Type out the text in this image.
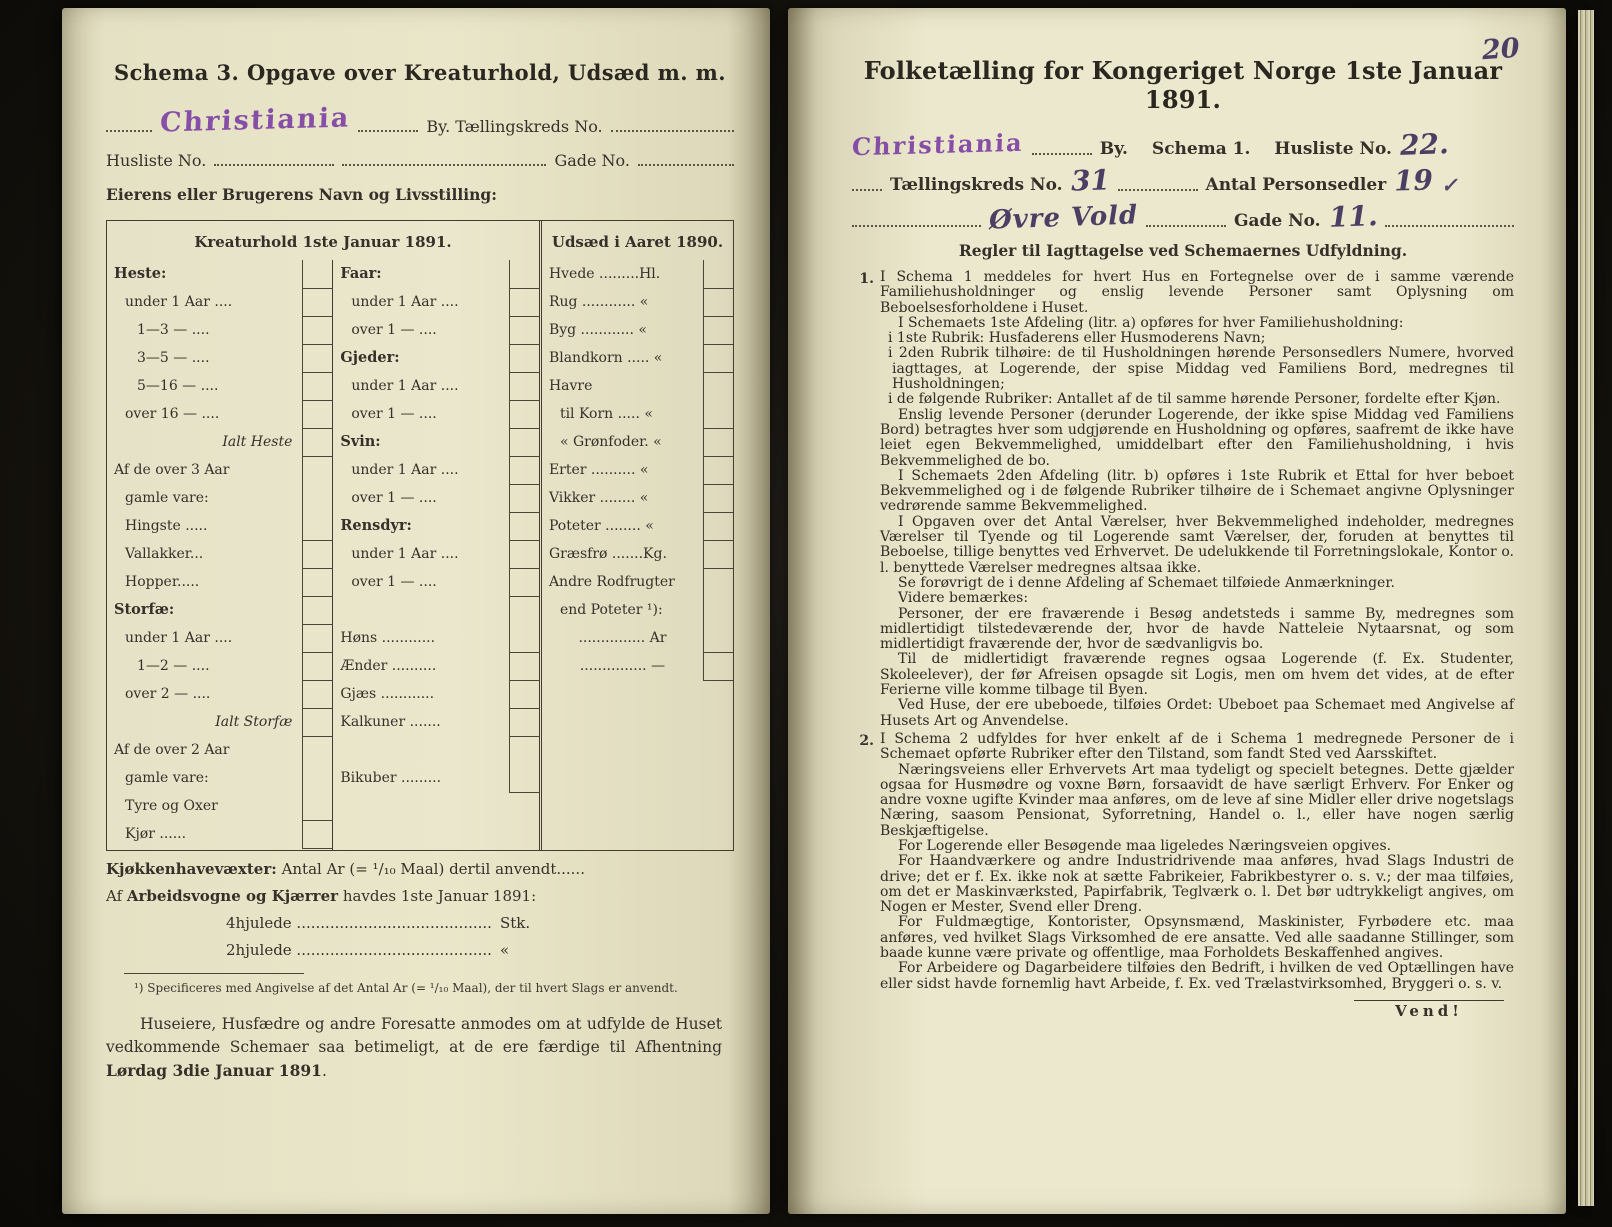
Schema 3. Opgave over Kreaturhold, Udsæd m. m.
Christiania	By. Tællingskreds No.
Husliste No.	Gade No.
Eierens eller Brugerens Navn og Livsstilling:
Kreaturhold 1ste Januar 1891.	Udsæd i Aaret 1890.
Heste:
under 1 Aar ....
1—3 — ....
3—5 — ....
5—16 — ....
over 16 — ....
Ialt Heste
Af de over 3 Aar
gamle vare:
Hingste .....
Vallakker...
Hopper.....
Storfæ:
under 1 Aar ....
1—2 — ....
over 2 — ....
Ialt Storfæ
Af de over 2 Aar
gamle vare:
Tyre og Oxer
Kjør ......
Faar:
under 1 Aar ....
over 1 — ....
Gjeder:
under 1 Aar ....
over 1 — ....
Svin:
under 1 Aar ....
over 1 — ....
Rensdyr:
under 1 Aar ....
over 1 — ....
Høns ............
Ænder ..........
Gjæs ............
Kalkuner .......
Bikuber .........
Hvede .........Hl.
Rug ............ «
Byg ............ «
Blandkorn ..... «
Havre
til Korn ..... «
« Grønfoder. «
Erter .......... «
Vikker ........ «
Poteter ........ «
Græsfrø .......Kg.
Andre Rodfrugter
end Poteter ¹):
............... Ar
............... —

Kjøkkenhavevæxter: Antal Ar (= ¹/₁₀ Maal) dertil anvendt......

Af Arbeidsvogne og Kjærrer havdes 1ste Januar 1891:

4hjulede ......................................... Stk.

2hjulede ......................................... «

¹) Specificeres med Angivelse af det Antal Ar (= ¹/₁₀ Maal), der til hvert Slags er anvendt.

Huseiere, Husfædre og andre Foresatte anmodes om at udfylde de Huset vedkommende Schemaer saa betimeligt, at de ere færdige til Afhentning Lørdag 3die Januar 1891.

20
Folketælling for Kongeriget Norge 1ste Januar 1891.
Christiania	By. Schema 1. Husliste No. 22.
Tællingskreds No. 31	Antal Personsedler 19 ✓
Øvre Vold	Gade No. 11.
Regler til Iagttagelse ved Schemaernes Udfyldning.
1. I Schema 1 meddeles for hvert Hus en Fortegnelse over de i samme værende Familiehusholdninger og enslig levende Personer samt Oplysning om Beboelsesforholdene i Huset.

I Schemaets 1ste Afdeling (litr. a) opføres for hver Familiehusholdning:

i 1ste Rubrik: Husfaderens eller Husmoderens Navn;

i 2den Rubrik tilhøire: de til Husholdningen hørende Personsedlers Numere, hvorved iagttages, at Logerende, der spise Middag ved Familiens Bord, medregnes til Husholdningen;

i de følgende Rubriker: Antallet af de til samme hørende Personer, fordelte efter Kjøn.

Enslig levende Personer (derunder Logerende, der ikke spise Middag ved Familiens Bord) betragtes hver som udgjørende en Husholdning og opføres, saafremt de ikke have leiet egen Bekvemmelighed, umiddelbart efter den Familiehusholdning, i hvis Bekvemmelighed de bo.

I Schemaets 2den Afdeling (litr. b) opføres i 1ste Rubrik et Ettal for hver beboet Bekvemmelighed og i de følgende Rubriker tilhøire de i Schemaet angivne Oplysninger vedrørende samme Bekvemmelighed.

I Opgaven over det Antal Værelser, hver Bekvemmelighed indeholder, medregnes Værelser til Tyende og til Logerende samt Værelser, der, foruden at benyttes til Beboelse, tillige benyttes ved Erhvervet. De udelukkende til Forretningslokale, Kontor o. l. benyttede Værelser medregnes altsaa ikke.

Se forøvrigt de i denne Afdeling af Schemaet tilføiede Anmærkninger.

Videre bemærkes:

Personer, der ere fraværende i Besøg andetsteds i samme By, medregnes som midlertidigt tilstedeværende der, hvor de havde Natteleie Nytaarsnat, og som midlertidigt fraværende der, hvor de sædvanligvis bo.

Til de midlertidigt fraværende regnes ogsaa Logerende (f. Ex. Studenter, Skoleelever), der før Afreisen opsagde sit Logis, men om hvem det vides, at de efter Ferierne ville komme tilbage til Byen.

Ved Huse, der ere ubeboede, tilføies Ordet: Ubeboet paa Schemaet med Angivelse af Husets Art og Anvendelse.

2. I Schema 2 udfyldes for hver enkelt af de i Schema 1 medregnede Personer de i Schemaet opførte Rubriker efter den Tilstand, som fandt Sted ved Aarsskiftet.

Næringsveiens eller Erhvervets Art maa tydeligt og specielt betegnes. Dette gjælder ogsaa for Husmødre og voxne Børn, forsaavidt de have særligt Erhverv. For Enker og andre voxne ugifte Kvinder maa anføres, om de leve af sine Midler eller drive nogetslags Næring, saasom Pensionat, Syforretning, Handel o. l., eller have nogen særlig Beskjæftigelse.

For Logerende eller Besøgende maa ligeledes Næringsveien opgives.

For Haandværkere og andre Industridrivende maa anføres, hvad Slags Industri de drive; det er f. Ex. ikke nok at sætte Fabrikeier, Fabrikbestyrer o. s. v.; der maa tilføies, om det er Maskinværksted, Papirfabrik, Teglværk o. l. Det bør udtrykkeligt angives, om Nogen er Mester, Svend eller Dreng.

For Fuldmægtige, Kontorister, Opsynsmænd, Maskinister, Fyrbødere etc. maa anføres, ved hvilket Slags Virksomhed de ere ansatte. Ved alle saadanne Stillinger, som baade kunne være private og offentlige, maa Forholdets Beskaffenhed angives.

For Arbeidere og Dagarbeidere tilføies den Bedrift, i hvilken de ved Optællingen have eller sidst havde fornemlig havt Arbeide, f. Ex. ved Trælastvirksomhed, Bryggeri o. s. v.

Vend!
